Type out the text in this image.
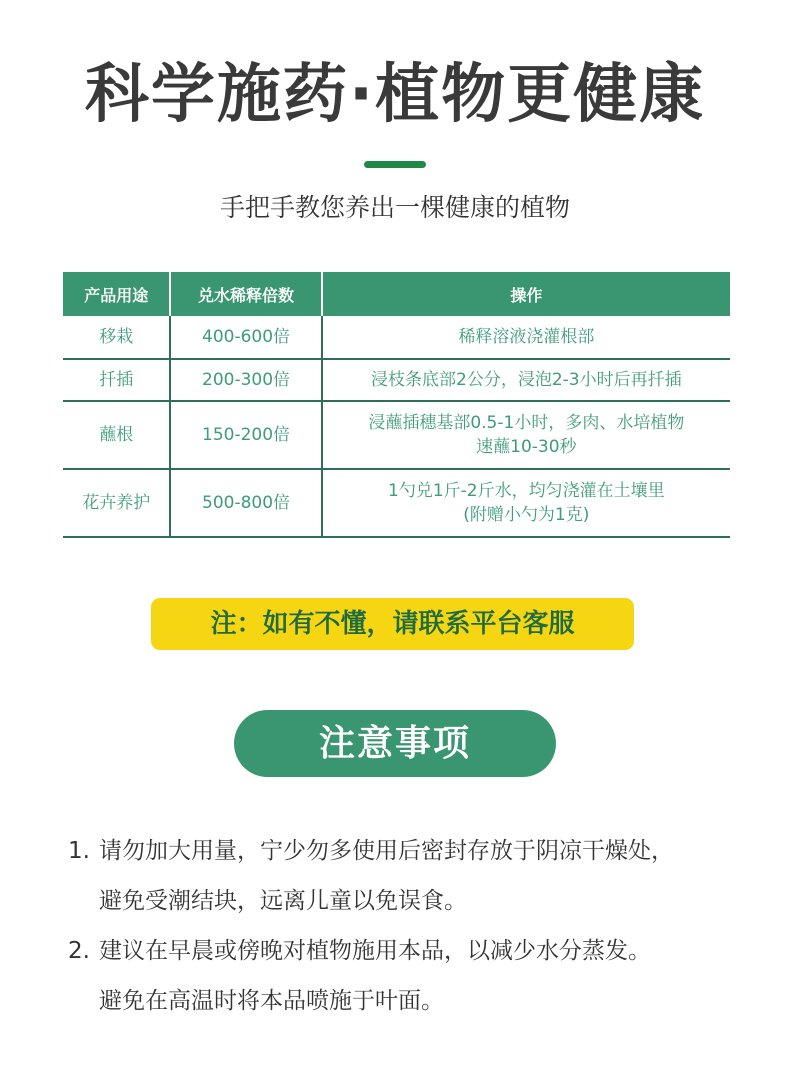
科学施药·植物更健康
手把手教您养出一棵健康的植物
产品用途	兑水稀释倍数	操作
移栽	400-600倍	稀释溶液浇灌根部

扦插	200-300倍	浸枝条底部2公分，浸泡2-3小时后再扦插

蘸根	150-200倍	浸蘸插穗基部0.5-1小时，多肉、水培植物
速蘸10-30秒

花卉养护	500-800倍	1勺兑1斤-2斤水，均匀浇灌在土壤里
(附赠小勺为1克)
注：如有不懂，请联系平台客服
注意事项
1. 请勿加大用量，宁少勿多使用后密封存放于阴凉干燥处，
避免受潮结块，远离儿童以免误食。
2. 建议在早晨或傍晚对植物施用本品，以减少水分蒸发。
避免在高温时将本品喷施于叶面。
